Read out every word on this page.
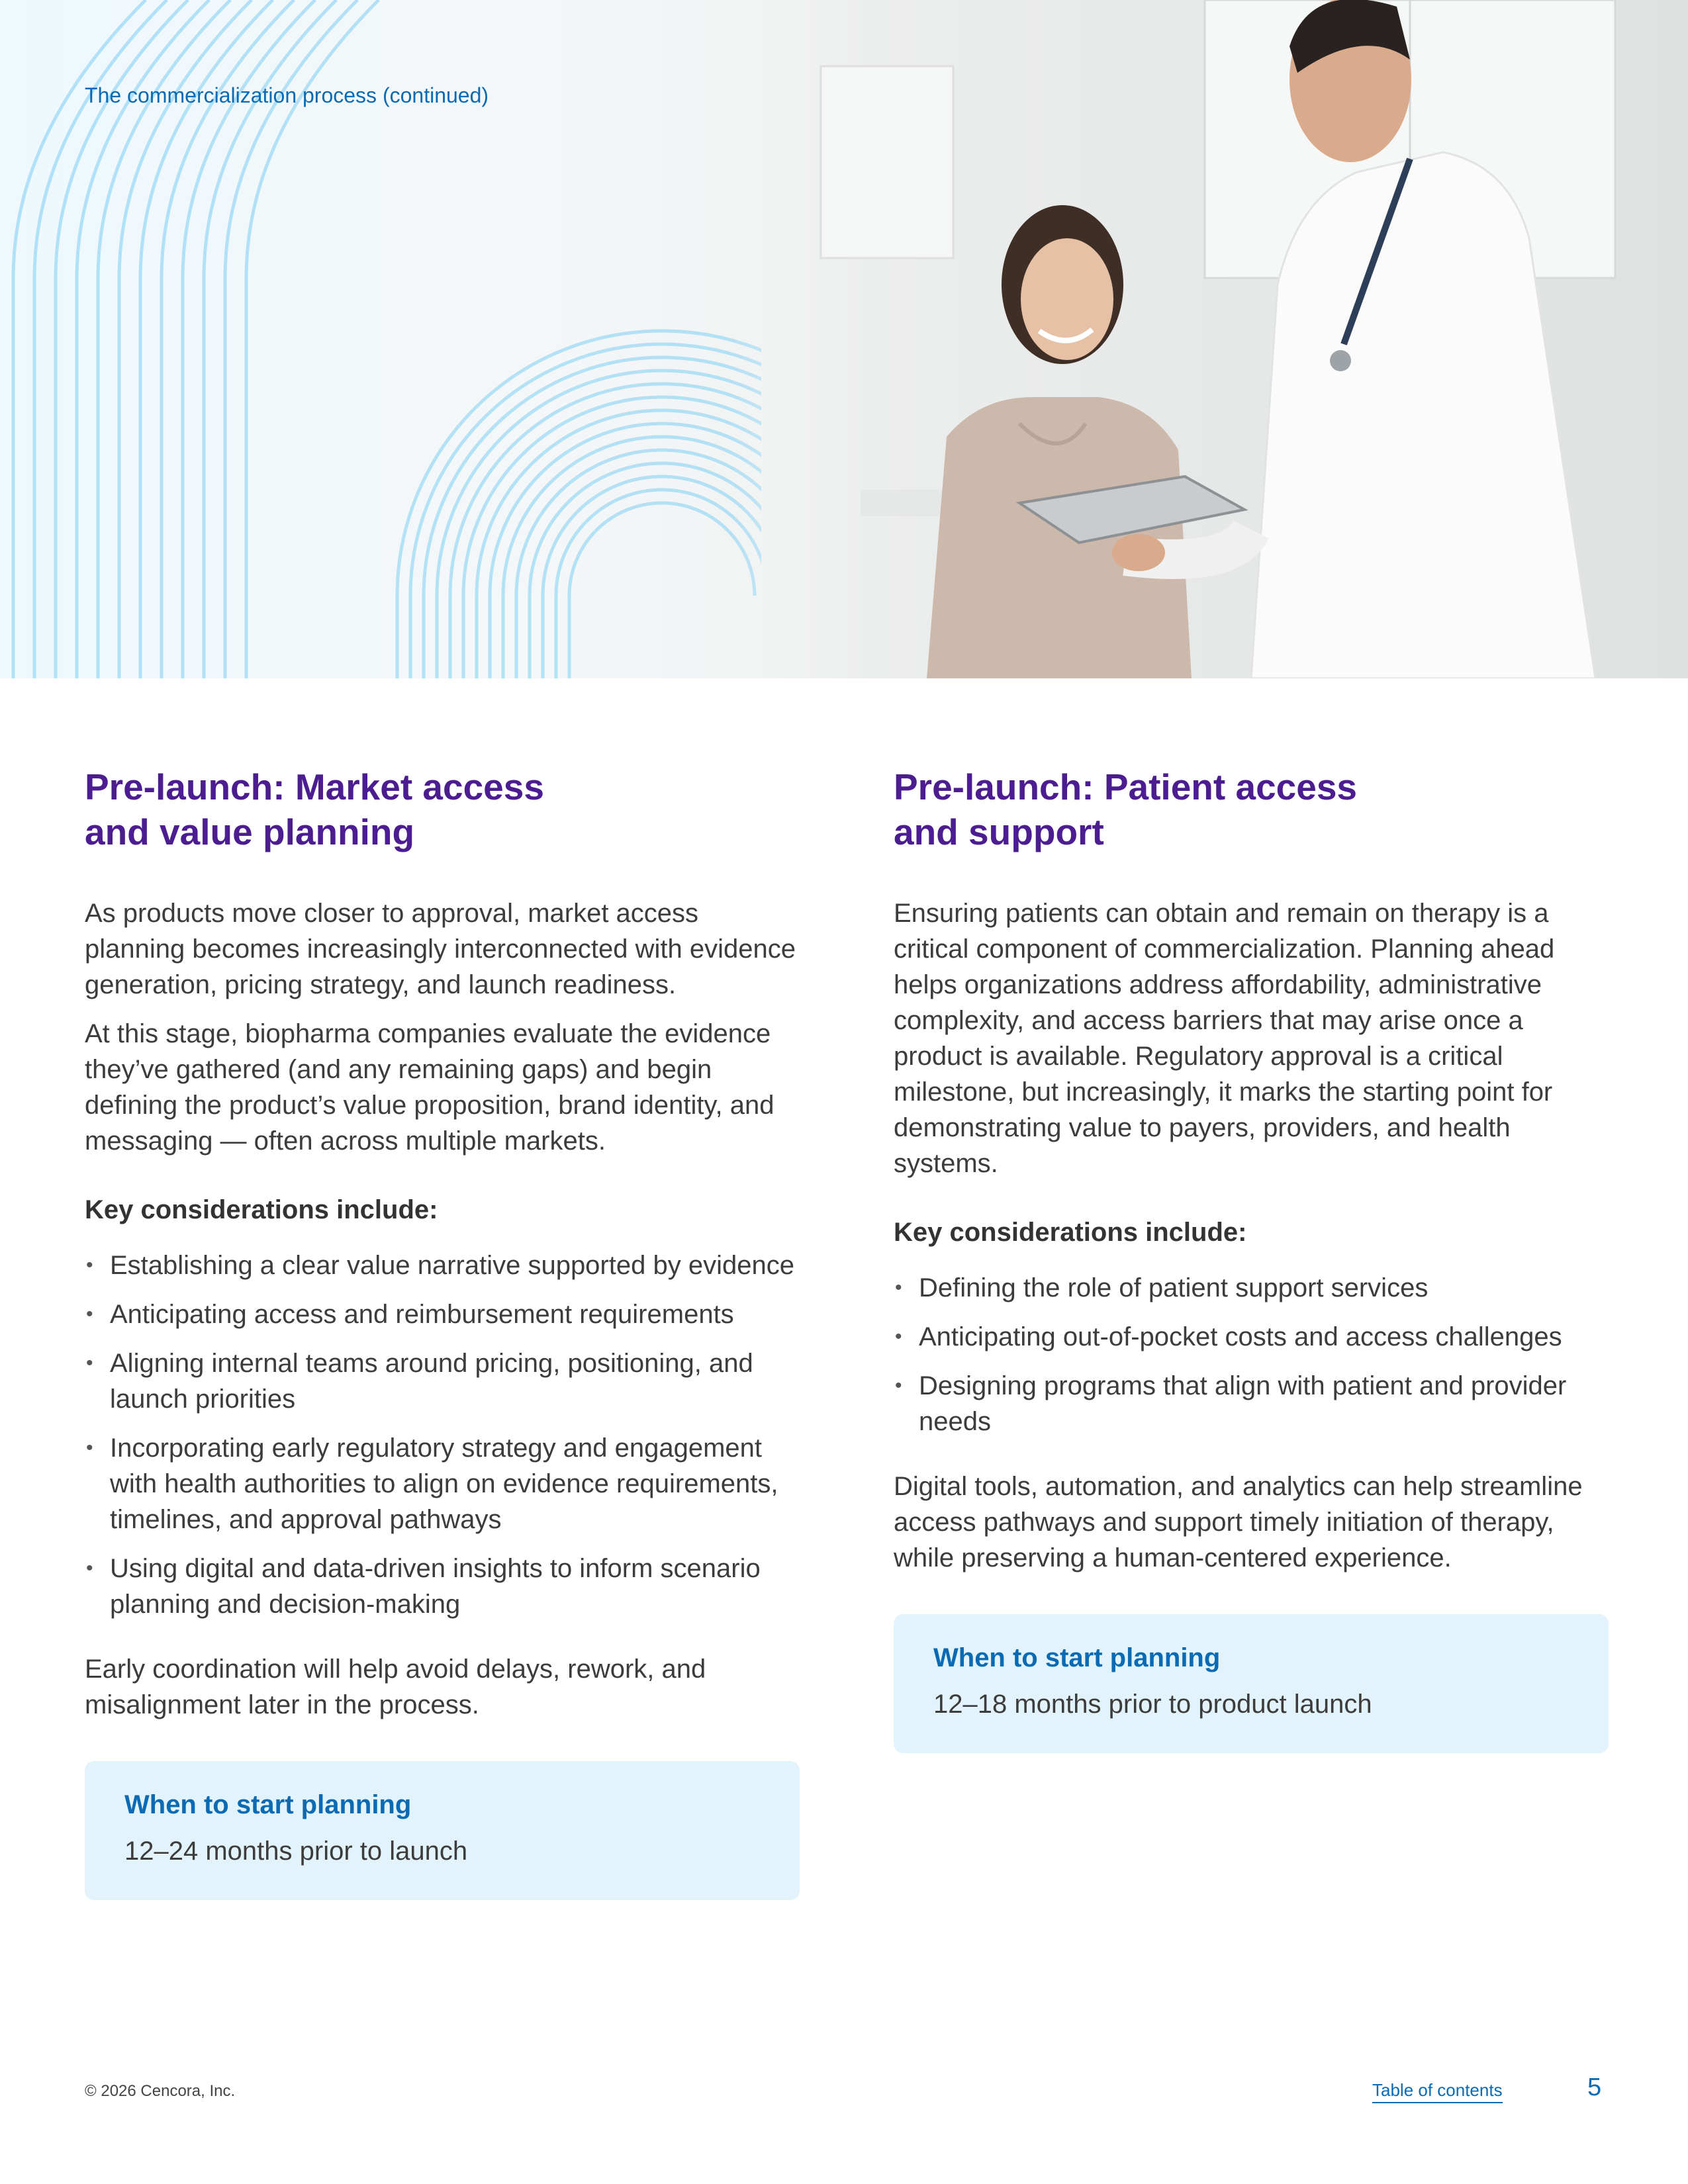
The commercialization process (continued)
Pre-launch: Market access
and value planning

As products move closer to approval, market access planning becomes increasingly interconnected with evidence generation, pricing strategy, and launch readiness.

At this stage, biopharma companies evaluate the evidence they’ve gathered (and any remaining gaps) and begin defining the product’s value proposition, brand identity, and messaging — often across multiple markets.

Key considerations include:
• Establishing a clear value narrative supported by evidence
• Anticipating access and reimbursement requirements
• Aligning internal teams around pricing, positioning, and launch priorities
• Incorporating early regulatory strategy and engagement with health authorities to align on evidence requirements, timelines, and approval pathways
• Using digital and data-driven insights to inform scenario planning and decision-making

Early coordination will help avoid delays, rework, and misalignment later in the process.

When to start planning
12–24 months prior to launch
Pre-launch: Patient access
and support

Ensuring patients can obtain and remain on therapy is a critical component of commercialization. Planning ahead helps organizations address affordability, administrative complexity, and access barriers that may arise once a product is available. Regulatory approval is a critical milestone, but increasingly, it marks the starting point for demonstrating value to payers, providers, and health systems.

Key considerations include:
• Defining the role of patient support services
• Anticipating out-of-pocket costs and access challenges
• Designing programs that align with patient and provider needs

Digital tools, automation, and analytics can help streamline access pathways and support timely initiation of therapy, while preserving a human-centered experience.

When to start planning
12–18 months prior to product launch
© 2026 Cencora, Inc.	Table of contents	5
